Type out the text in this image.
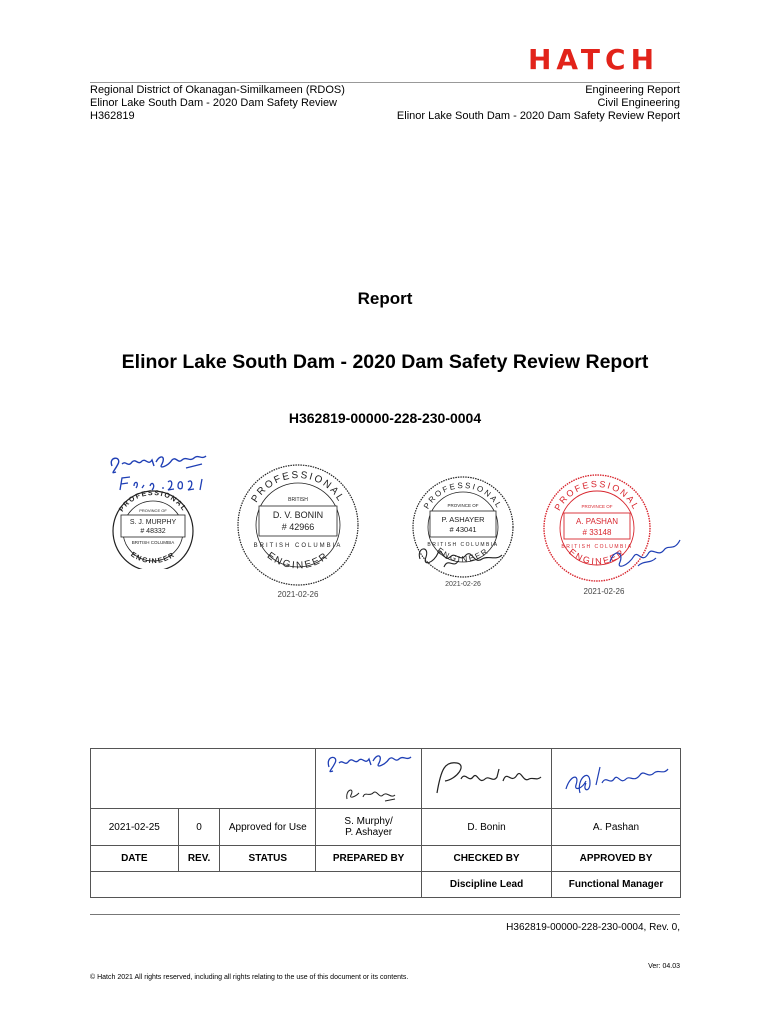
HATCH
Regional District of Okanagan-Similkameen (RDOS)
Elinor Lake South Dam - 2020 Dam Safety Review
H362819
Engineering Report
Civil Engineering
Elinor Lake South Dam - 2020 Dam Safety Review Report
Report
Elinor Lake South Dam - 2020 Dam Safety Review Report
H362819-00000-228-230-0004
PROFESSIONAL
PROVINCE OF
S. J. MURPHY
# 48332
BRITISH COLUMBIA
ENGINEER
PROFESSIONAL
BRITISH
D. V. BONIN
# 42966
BRITISH COLUMBIA
ENGINEER
2021-02-26
PROFESSIONAL
PROVINCE OF
P. ASHAYER
# 43041
BRITISH COLUMBIA
ENGINEER
2021-02-26
PROFESSIONAL
PROVINCE OF
A. PASHAN
# 33148
BRITISH COLUMBIA
ENGINEER
2021-02-26

2021-02-25	0	Approved for Use	S. Murphy/
P. Ashayer	D. Bonin	A. Pashan
DATE	REV.	STATUS	PREPARED BY	CHECKED BY	APPROVED BY
				Discipline Lead	Functional Manager
H362819-00000-228-230-0004, Rev. 0,
Ver: 04.03
© Hatch 2021 All rights reserved, including all rights relating to the use of this document or its contents.
